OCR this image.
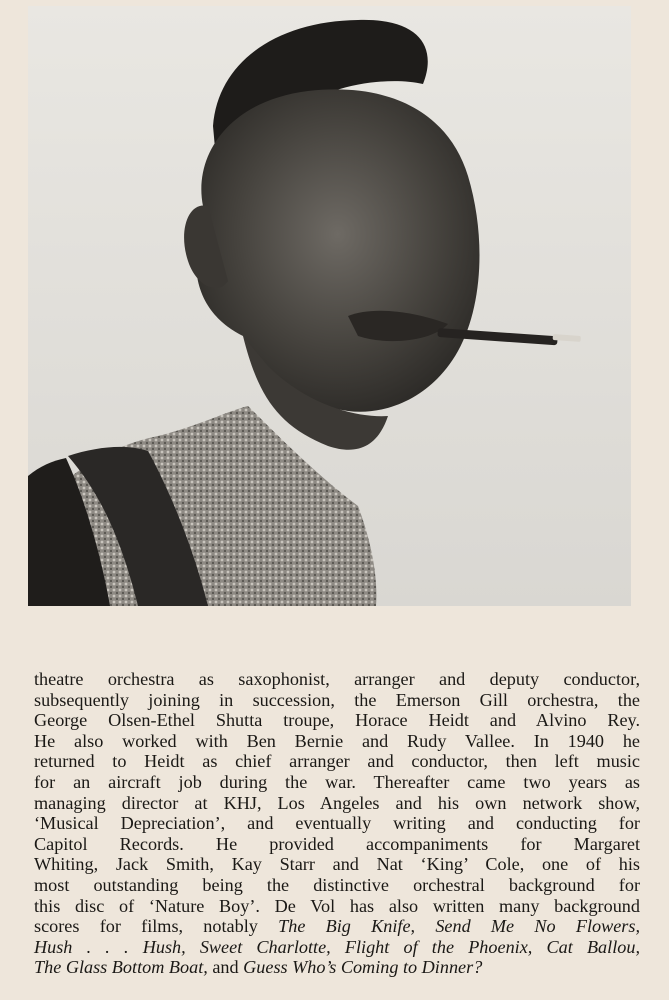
theatre orchestra as saxophonist, arranger and deputy conductor,
subsequently joining in succession, the Emerson Gill orchestra, the
George Olsen-Ethel Shutta troupe, Horace Heidt and Alvino Rey.
He also worked with Ben Bernie and Rudy Vallee. In 1940 he
returned to Heidt as chief arranger and conductor, then left music
for an aircraft job during the war. Thereafter came two years as
managing director at KHJ, Los Angeles and his own network show,
‘Musical Depreciation’, and eventually writing and conducting for
Capitol Records. He provided accompaniments for Margaret
Whiting, Jack Smith, Kay Starr and Nat ‘King’ Cole, one of his
most outstanding being the distinctive orchestral background for
this disc of ‘Nature Boy’. De Vol has also written many background
scores for films, notably The Big Knife, Send Me No Flowers,
Hush . . . Hush, Sweet Charlotte, Flight of the Phoenix, Cat Ballou,
The Glass Bottom Boat, and Guess Who’s Coming to Dinner?
